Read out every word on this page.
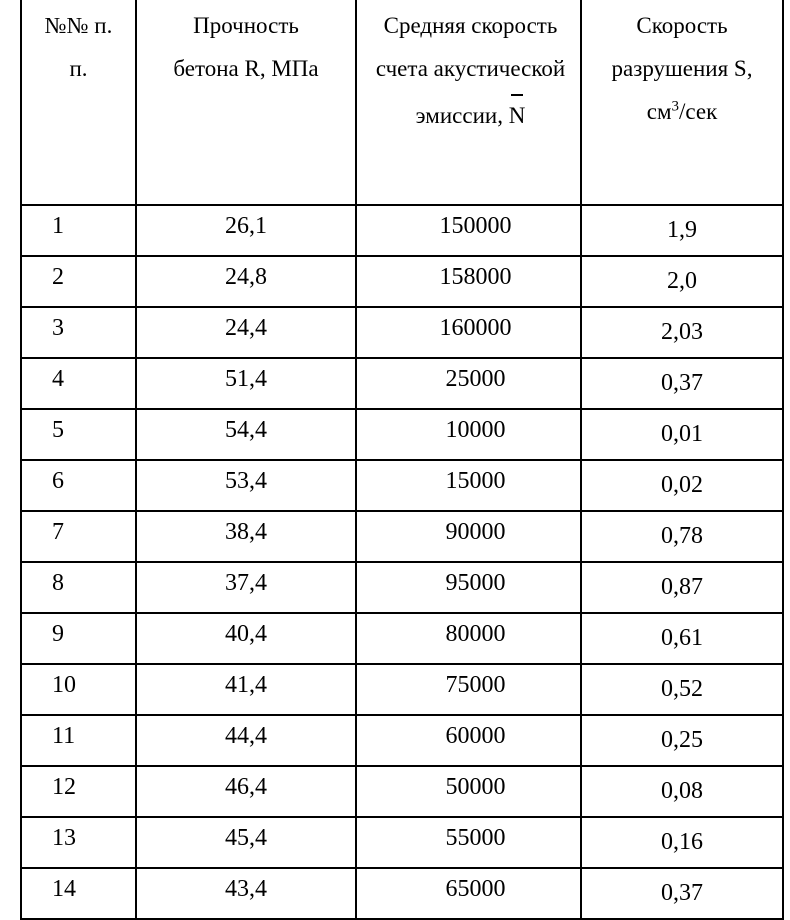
№№ п. п.	Прочность бетона R, МПа	Средняя скорость счета акустической эмиссии, N	Скорость разрушения S, $см^3$/сек

1	26,1	150000	1,9
2	24,8	158000	2,0
3	24,4	160000	2,03
4	51,4	25000	0,37
5	54,4	10000	0,01
6	53,4	15000	0,02
7	38,4	90000	0,78
8	37,4	95000	0,87
9	40,4	80000	0,61
10	41,4	75000	0,52
11	44,4	60000	0,25
12	46,4	50000	0,08
13	45,4	55000	0,16
14	43,4	65000	0,37
